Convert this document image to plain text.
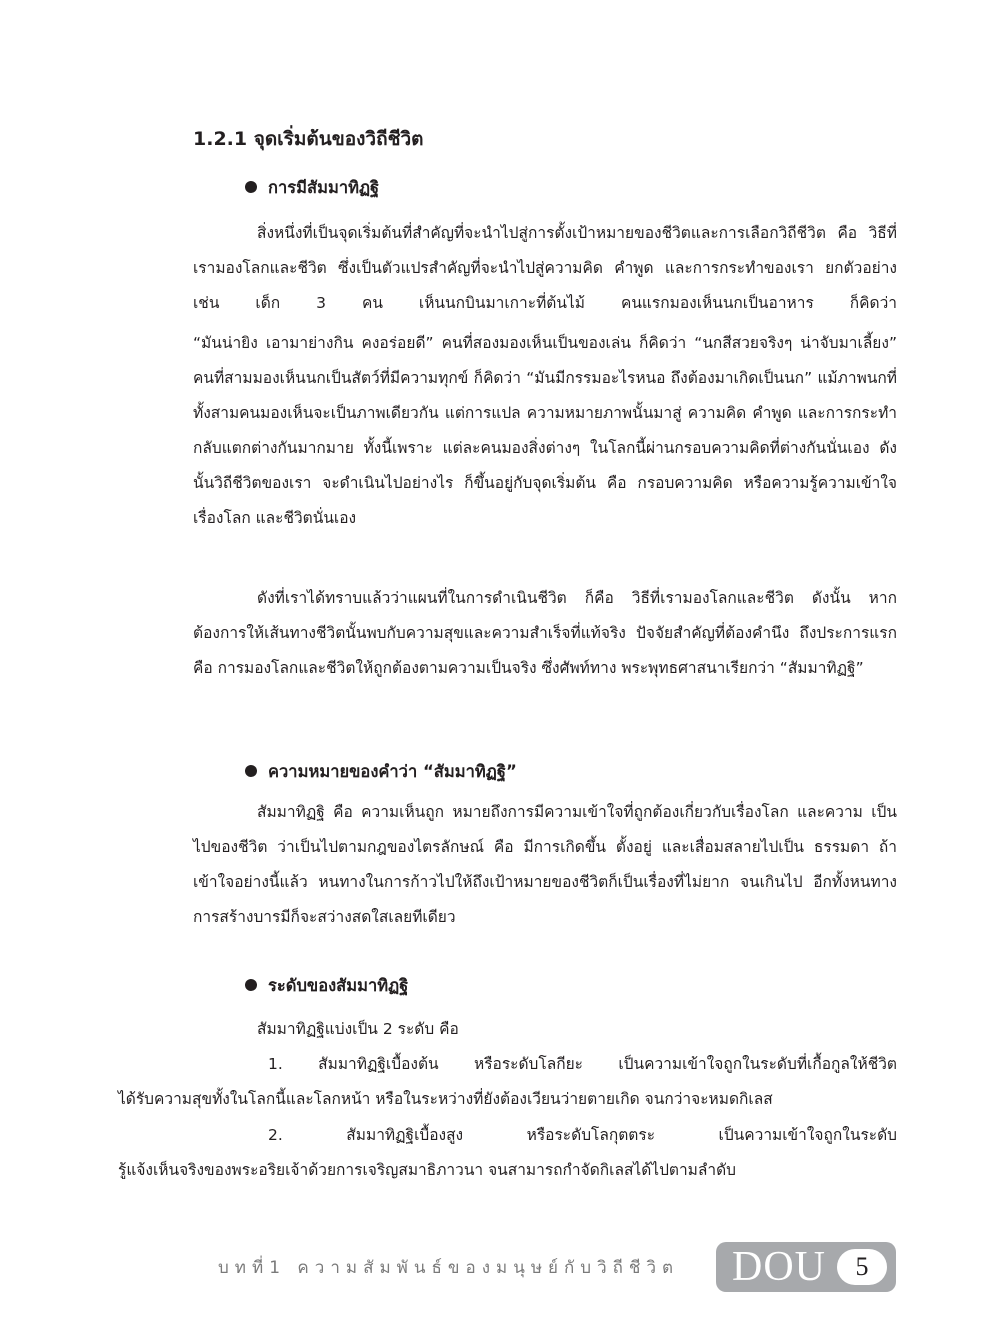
1.2.1 จุดเริ่มต้นของวิถีชีวิต
การมีสัมมาทิฏฐิ

สิ่งหนึ่งที่เป็นจุดเริ่มต้นที่สำคัญที่จะนำไปสู่การตั้งเป้าหมายของชีวิตและการเลือกวิถีชีวิต คือ วิธีที่เรามองโลกและชีวิต ซึ่งเป็นตัวแปรสำคัญที่จะนำไปสู่ความคิด คำพูด และการกระทำของเรา ยกตัวอย่างเช่น เด็ก 3 คน เห็นนกบินมาเกาะที่ต้นไม้ คนแรกมองเห็นนกเป็นอาหาร ก็คิดว่า

“มันน่ายิง เอามาย่างกิน คงอร่อยดี” คนที่สองมองเห็นเป็นของเล่น ก็คิดว่า “นกสีสวยจริงๆ น่าจับมาเลี้ยง” คนที่สามมองเห็นนกเป็นสัตว์ที่มีความทุกข์ ก็คิดว่า “มันมีกรรมอะไรหนอ ถึงต้องมาเกิดเป็นนก” แม้ภาพนกที่ทั้งสามคนมองเห็นจะเป็นภาพเดียวกัน แต่การแปล ความหมายภาพนั้นมาสู่ ความคิด คำพูด และการกระทำ กลับแตกต่างกันมากมาย ทั้งนี้เพราะ แต่ละคนมองสิ่งต่างๆ ในโลกนี้ผ่านกรอบความคิดที่ต่างกันนั่นเอง ดังนั้นวิถีชีวิตของเรา จะดำเนินไปอย่างไร ก็ขึ้นอยู่กับจุดเริ่มต้น คือ กรอบความคิด หรือความรู้ความเข้าใจเรื่องโลก และชีวิตนั่นเอง

ดังที่เราได้ทราบแล้วว่าแผนที่ในการดำเนินชีวิต ก็คือ วิธีที่เรามองโลกและชีวิต ดังนั้น หากต้องการให้เส้นทางชีวิตนั้นพบกับความสุขและความสำเร็จที่แท้จริง ปัจจัยสำคัญที่ต้องคำนึง ถึงประการแรกคือ การมองโลกและชีวิตให้ถูกต้องตามความเป็นจริง ซึ่งศัพท์ทาง พระพุทธศาสนาเรียกว่า “สัมมาทิฏฐิ”

ความหมายของคำว่า “สัมมาทิฏฐิ”

สัมมาทิฏฐิ คือ ความเห็นถูก หมายถึงการมีความเข้าใจที่ถูกต้องเกี่ยวกับเรื่องโลก และความ เป็นไปของชีวิต ว่าเป็นไปตามกฎของไตรลักษณ์ คือ มีการเกิดขึ้น ตั้งอยู่ และเสื่อมสลายไปเป็น ธรรมดา ถ้าเข้าใจอย่างนี้แล้ว หนทางในการก้าวไปให้ถึงเป้าหมายของชีวิตก็เป็นเรื่องที่ไม่ยาก จนเกินไป อีกทั้งหนทางการสร้างบารมีก็จะสว่างสดใสเลยทีเดียว

ระดับของสัมมาทิฏฐิ

สัมมาทิฏฐิแบ่งเป็น 2 ระดับ คือ

1. สัมมาทิฏฐิเบื้องต้น หรือระดับโลกียะ เป็นความเข้าใจถูกในระดับที่เกื้อกูลให้ชีวิต

ได้รับความสุขทั้งในโลกนี้และโลกหน้า หรือในระหว่างที่ยังต้องเวียนว่ายตายเกิด จนกว่าจะหมดกิเลส

2. สัมมาทิฏฐิเบื้องสูง หรือระดับโลกุตตระ เป็นความเข้าใจถูกในระดับ

รู้แจ้งเห็นจริงของพระอริยเจ้าด้วยการเจริญสมาธิภาวนา จนสามารถกำจัดกิเลสได้ไปตามลำดับ

บทที่1 ความสัมพันธ์ของมนุษย์กับวิถีชีวิต	DOU	5
